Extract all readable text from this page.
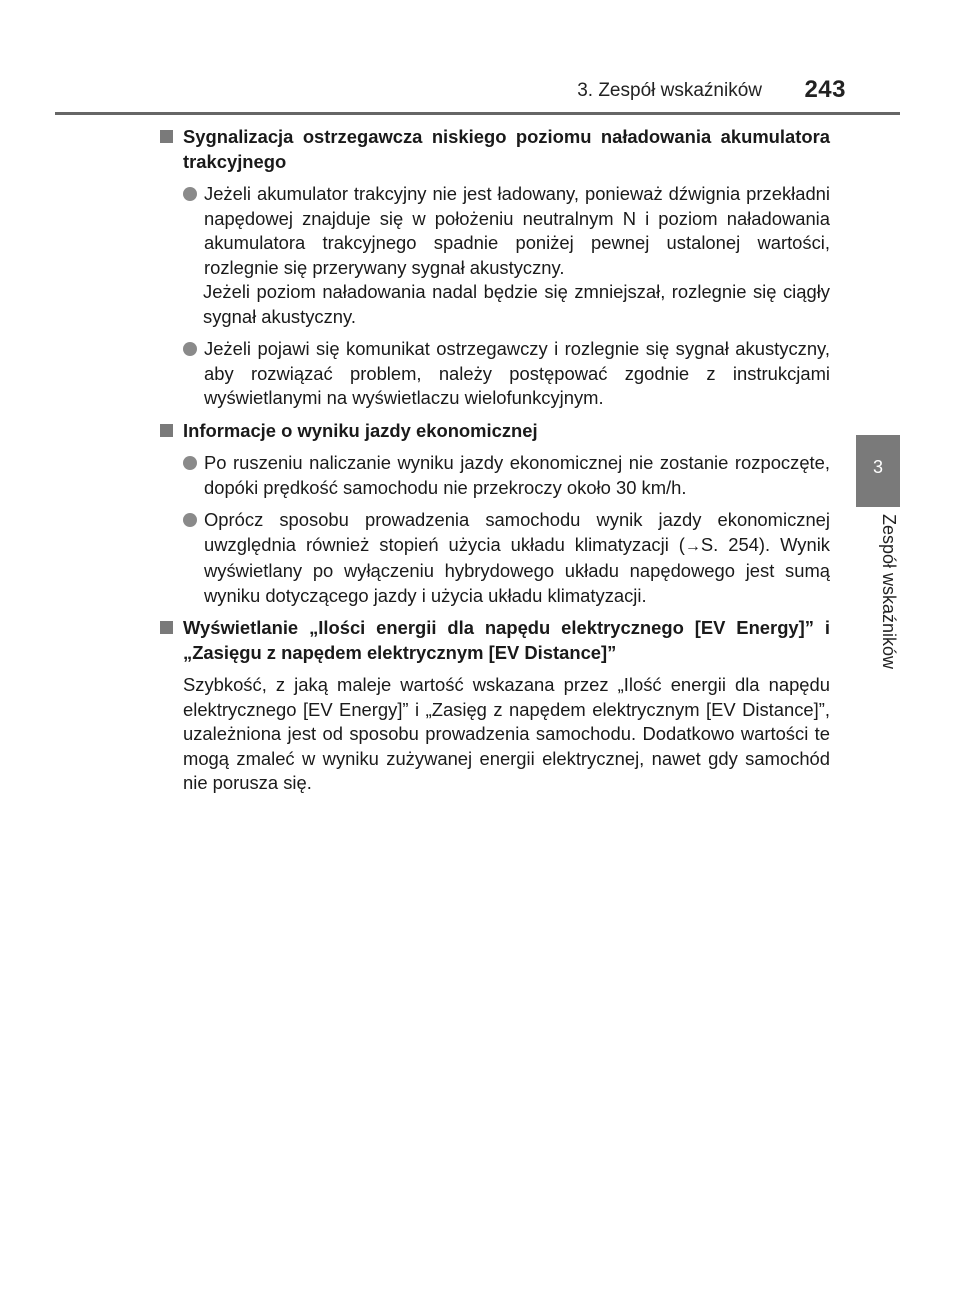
3. Zespół wskaźników	243
3
Zespół wskaźników
Sygnalizacja ostrzegawcza niskiego poziomu naładowania akumulatora trakcyjnego

Jeżeli akumulator trakcyjny nie jest ładowany, ponieważ dźwignia przekładni napędowej znajduje się w położeniu neutralnym N i poziom naładowania akumulatora trakcyjnego spadnie poniżej pewnej ustalonej wartości, rozlegnie się przerywany sygnał akustyczny.

Jeżeli poziom naładowania nadal będzie się zmniejszał, rozlegnie się ciągły sygnał akustyczny.

Jeżeli pojawi się komunikat ostrzegawczy i rozlegnie się sygnał akustyczny, aby rozwiązać problem, należy postępować zgodnie z instrukcjami wyświetlanymi na wyświetlaczu wielofunkcyjnym.

Informacje o wyniku jazdy ekonomicznej

Po ruszeniu naliczanie wyniku jazdy ekonomicznej nie zostanie rozpoczęte, dopóki prędkość samochodu nie przekroczy około 30 km/h.

Oprócz sposobu prowadzenia samochodu wynik jazdy ekonomicznej uwzględnia również stopień użycia układu klimatyzacji (→S. 254). Wynik wyświetlany po wyłączeniu hybrydowego układu napędowego jest sumą wyniku dotyczącego jazdy i użycia układu klimatyzacji.

Wyświetlanie „Ilości energii dla napędu elektrycznego [EV Energy]” i „Zasięgu z napędem elektrycznym [EV Distance]”
Szybkość, z jaką maleje wartość wskazana przez „Ilość energii dla napędu elektrycznego [EV Energy]” i „Zasięg z napędem elektrycznym [EV Distance]”, uzależniona jest od sposobu prowadzenia samochodu. Dodatkowo wartości te mogą zmaleć w wyniku zużywanej energii elektrycznej, nawet gdy samochód nie porusza się.
